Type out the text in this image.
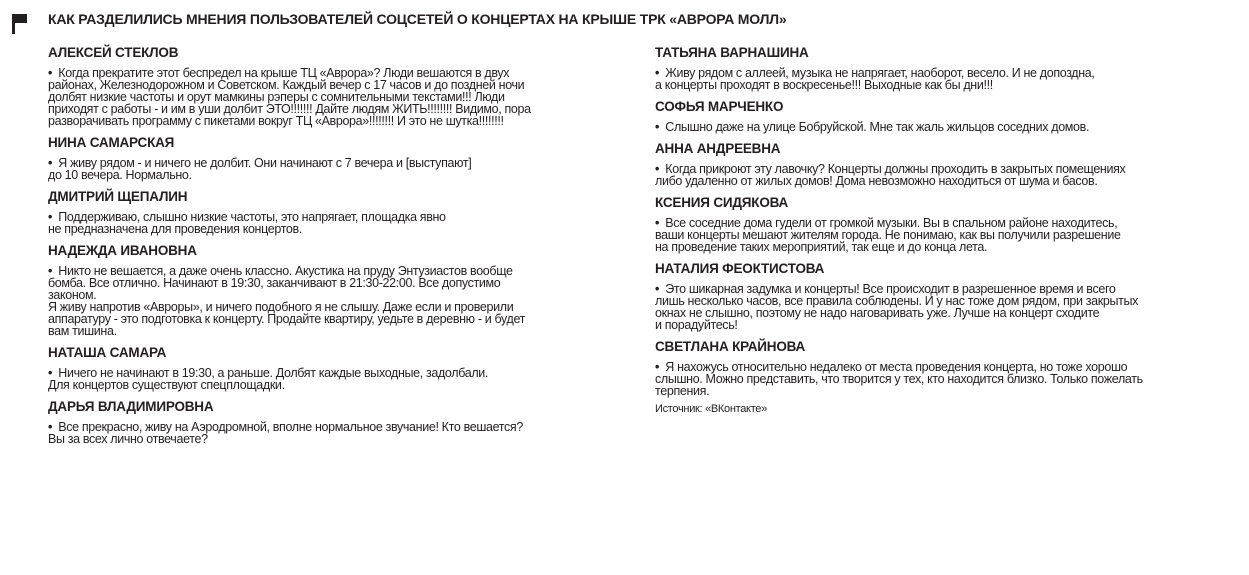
КАК РАЗДЕЛИЛИСЬ МНЕНИЯ ПОЛЬЗОВАТЕЛЕЙ СОЦСЕТЕЙ О КОНЦЕРТАХ НА КРЫШЕ ТРК «АВРОРА МОЛЛ»
АЛЕКСЕЙ СТЕКЛОВ
• Когда прекратите этот беспредел на крыше ТЦ «Аврора»? Люди вешаются в двух
районах, Железнодорожном и Советском. Каждый вечер с 17 часов и до поздней ночи
долбят низкие частоты и орут мамкины рэперы с сомнительными текстами!!! Люди
приходят с работы - и им в уши долбит ЭТО!!!!!!! Дайте людям ЖИТЬ!!!!!!!! Видимо, пора
разворачивать программу с пикетами вокруг ТЦ «Аврора»!!!!!!!! И это не шутка!!!!!!!!
НИНА САМАРСКАЯ
• Я живу рядом - и ничего не долбит. Они начинают с 7 вечера и [выступают]
до 10 вечера. Нормально.
ДМИТРИЙ ЩЕПАЛИН
• Поддерживаю, слышно низкие частоты, это напрягает, площадка явно
не предназначена для проведения концертов.
НАДЕЖДА ИВАНОВНА
• Никто не вешается, а даже очень классно. Акустика на пруду Энтузиастов вообще
бомба. Все отлично. Начинают в 19:30, заканчивают в 21:30-22:00. Все допустимо
законом.
Я живу напротив «Авроры», и ничего подобного я не слышу. Даже если и проверили
аппаратуру - это подготовка к концерту. Продайте квартиру, уедьте в деревню - и будет
вам тишина.
НАТАША САМАРА
• Ничего не начинают в 19:30, а раньше. Долбят каждые выходные, задолбали.
Для концертов существуют спецплощадки.
ДАРЬЯ ВЛАДИМИРОВНА
• Все прекрасно, живу на Аэродромной, вполне нормальное звучание! Кто вешается?
Вы за всех лично отвечаете?
ТАТЬЯНА ВАРНАШИНА
• Живу рядом с аллеей, музыка не напрягает, наоборот, весело. И не допоздна,
а концерты проходят в воскресенье!!! Выходные как бы дни!!!
СОФЬЯ МАРЧЕНКО
• Слышно даже на улице Бобруйской. Мне так жаль жильцов соседних домов.
АННА АНДРЕЕВНА
• Когда прикроют эту лавочку? Концерты должны проходить в закрытых помещениях
либо удаленно от жилых домов! Дома невозможно находиться от шума и басов.
КСЕНИЯ СИДЯКОВА
• Все соседние дома гудели от громкой музыки. Вы в спальном районе находитесь,
ваши концерты мешают жителям города. Не понимаю, как вы получили разрешение
на проведение таких мероприятий, так еще и до конца лета.
НАТАЛИЯ ФЕОКТИСТОВА
• Это шикарная задумка и концерты! Все происходит в разрешенное время и всего
лишь несколько часов, все правила соблюдены. И у нас тоже дом рядом, при закрытых
окнах не слышно, поэтому не надо наговаривать уже. Лучше на концерт сходите
и порадуйтесь!
СВЕТЛАНА КРАЙНОВА
• Я нахожусь относительно недалеко от места проведения концерта, но тоже хорошо
слышно. Можно представить, что творится у тех, кто находится близко. Только пожелать
терпения.
Источник: «ВКонтакте»
